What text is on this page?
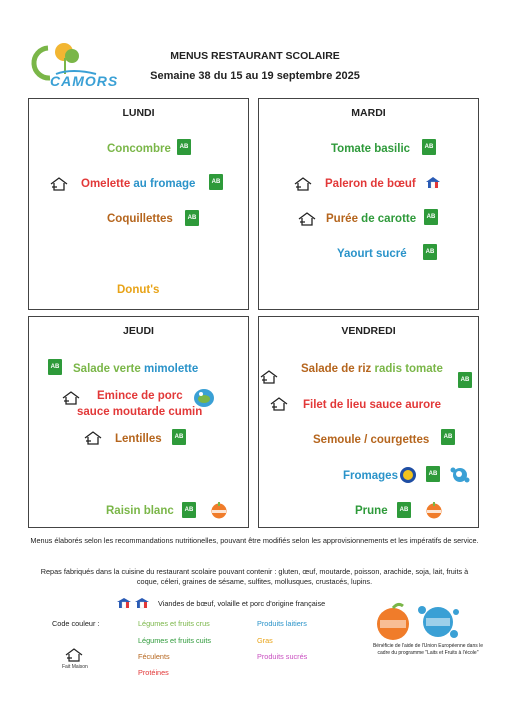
CAMORS
MENUS RESTAURANT SCOLAIRE
Semaine 38 du 15 au 19 septembre 2025
LUNDI
Concombre	AB
Omelette au fromage	AB
Coquillettes	AB
Donut's
MARDI
Tomate basilic	AB
Paleron de bœuf
Purée de carotte	AB
Yaourt sucré	AB
JEUDI
AB Salade verte mimolette
Emince de porc
sauce moutarde cumin
Lentilles	AB
Raisin blanc	AB
VENDREDI
Salade de riz radis tomate
AB
Filet de lieu sauce aurore
Semoule / courgettes	AB
Fromages	AB
Prune	AB
Menus élaborés selon les recommandations nutritionelles, pouvant être modifiés selon les approvisionnements et les impératifs de service.
Repas fabriqués dans la cuisine du restaurant scolaire pouvant contenir : gluten, œuf, moutarde, poisson, arachide, soja, lait, fruits à coque, céleri, graines de sésame, sulfites, mollusques, crustacés, lupins.
Viandes de bœuf, volaille et porc d'origine française
Code couleur :	Légumes et fruits crus
Légumes et fruits cuits
Féculents
Protéines
Produits laitiers
Gras
Produits sucrés
Fait Maison
Bénéficie de l'aide de l'Union Européenne dans le cadre du programme "Laits et Fruits à l'école"
